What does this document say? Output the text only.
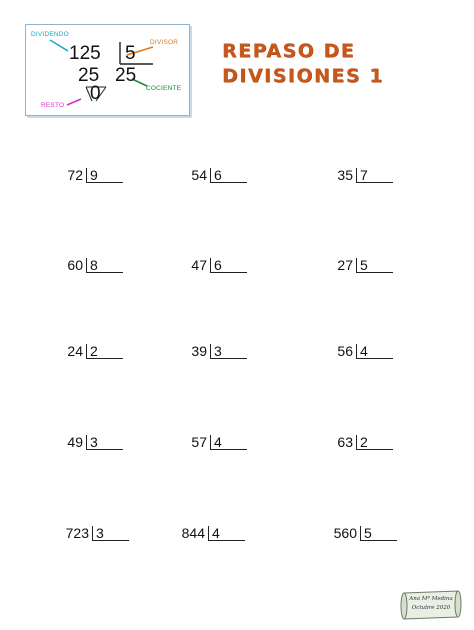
DIVIDENDO
DIVISOR
RESTO
COCIENTE
125 5
25 25
0
REPASO DE
DIVISIONES 1
72 9	54 6	35 7
60 8	47 6	27 5
24 2	39 3	56 4
49 3	57 4	63 2
723 3	844 4	560 5
Ana Mª Medina
Octubre 2020
